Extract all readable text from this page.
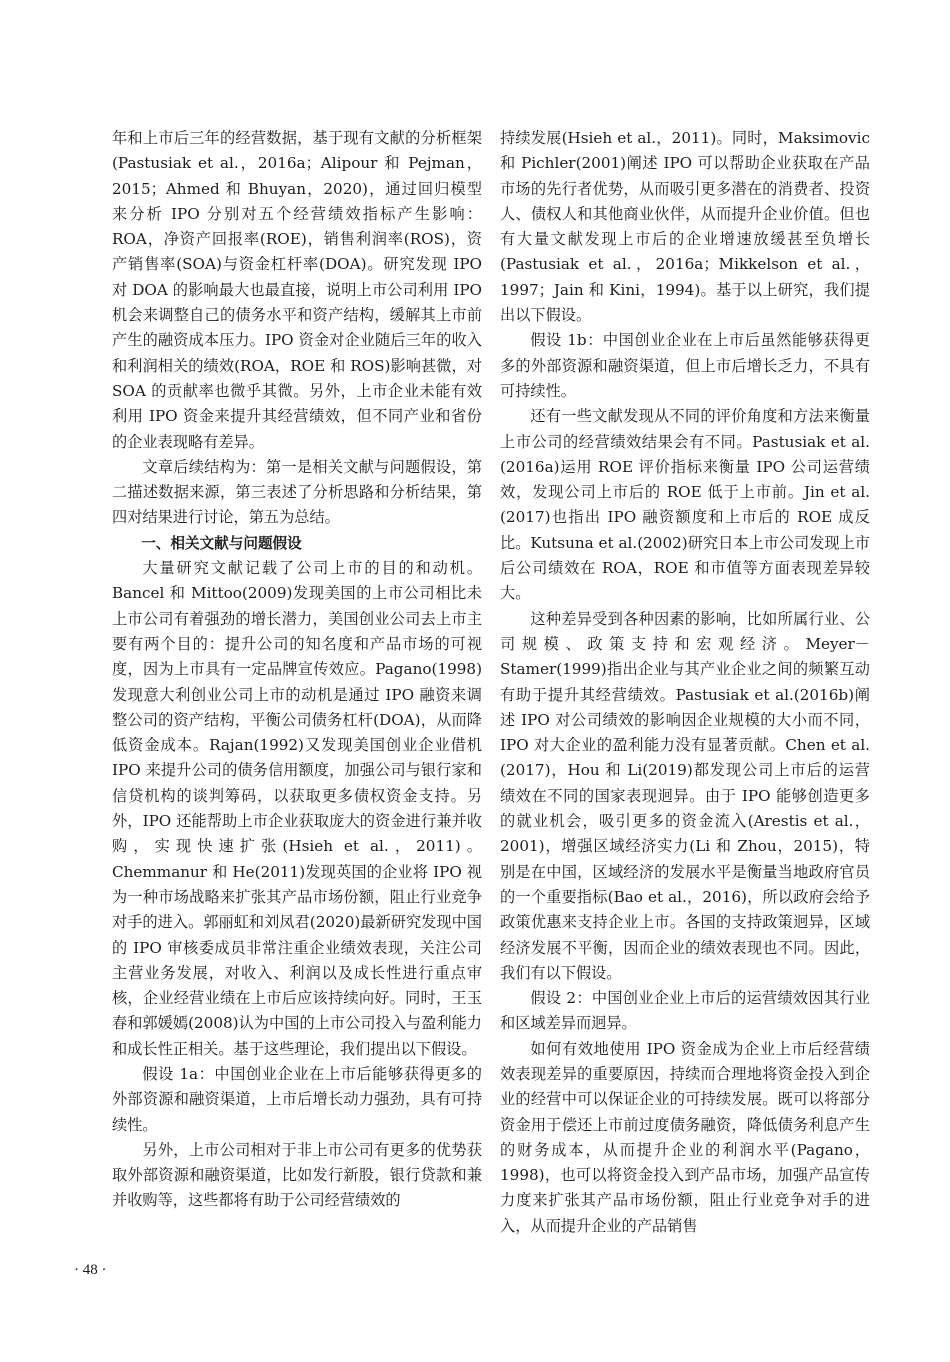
年和上市后三年的经营数据，基于现有文献的分析框架(Pastusiak et al.，2016a；Alipour 和 Pejman，2015；Ahmed 和 Bhuyan，2020)，通过回归模型来分析 IPO 分别对五个经营绩效指标产生影响：ROA，净资产回报率(ROE)，销售利润率(ROS)，资产销售率(SOA)与资金杠杆率(DOA)。研究发现 IPO 对 DOA 的影响最大也最直接，说明上市公司利用 IPO 机会来调整自己的债务水平和资产结构，缓解其上市前产生的融资成本压力。IPO 资金对企业随后三年的收入和利润相关的绩效(ROA，ROE 和 ROS)影响甚微，对 SOA 的贡献率也微乎其微。另外，上市企业未能有效利用 IPO 资金来提升其经营绩效，但不同产业和省份的企业表现略有差异。

文章后续结构为：第一是相关文献与问题假设，第二描述数据来源，第三表述了分析思路和分析结果，第四对结果进行讨论，第五为总结。

一、相关文献与问题假设

大量研究文献记载了公司上市的目的和动机。Bancel 和 Mittoo(2009)发现美国的上市公司相比未上市公司有着强劲的增长潜力，美国创业公司去上市主要有两个目的：提升公司的知名度和产品市场的可视度，因为上市具有一定品牌宣传效应。Pagano(1998)发现意大利创业公司上市的动机是通过 IPO 融资来调整公司的资产结构，平衡公司债务杠杆(DOA)，从而降低资金成本。Rajan(1992)又发现美国创业企业借机 IPO 来提升公司的债务信用额度，加强公司与银行家和信贷机构的谈判筹码，以获取更多债权资金支持。另外，IPO 还能帮助上市企业获取庞大的资金进行兼并收购，实现快速扩张(Hsieh et al.，2011)。Chemmanur 和 He(2011)发现英国的企业将 IPO 视为一种市场战略来扩张其产品市场份额，阻止行业竞争对手的进入。郭丽虹和刘凤君(2020)最新研究发现中国的 IPO 审核委成员非常注重企业绩效表现，关注公司主营业务发展，对收入、利润以及成长性进行重点审核，企业经营业绩在上市后应该持续向好。同时，王玉春和郭媛嫣(2008)认为中国的上市公司投入与盈利能力和成长性正相关。基于这些理论，我们提出以下假设。

假设 1a：中国创业企业在上市后能够获得更多的外部资源和融资渠道，上市后增长动力强劲，具有可持续性。

另外，上市公司相对于非上市公司有更多的优势获取外部资源和融资渠道，比如发行新股，银行贷款和兼并收购等，这些都将有助于公司经营绩效的

持续发展(Hsieh et al.，2011)。同时，Maksimovic 和 Pichler(2001)阐述 IPO 可以帮助企业获取在产品市场的先行者优势，从而吸引更多潜在的消费者、投资人、债权人和其他商业伙伴，从而提升企业价值。但也有大量文献发现上市后的企业增速放缓甚至负增长(Pastusiak et al.，2016a；Mikkelson et al.，1997；Jain 和 Kini，1994)。基于以上研究，我们提出以下假设。

假设 1b：中国创业企业在上市后虽然能够获得更多的外部资源和融资渠道，但上市后增长乏力，不具有可持续性。

还有一些文献发现从不同的评价角度和方法来衡量上市公司的经营绩效结果会有不同。Pastusiak et al.(2016a)运用 ROE 评价指标来衡量 IPO 公司运营绩效，发现公司上市后的 ROE 低于上市前。Jin et al.(2017)也指出 IPO 融资额度和上市后的 ROE 成反比。Kutsuna et al.(2002)研究日本上市公司发现上市后公司绩效在 ROA，ROE 和市值等方面表现差异较大。

这种差异受到各种因素的影响，比如所属行业、公司规模、政策支持和宏观经济。Meyer－Stamer(1999)指出企业与其产业企业之间的频繁互动有助于提升其经营绩效。Pastusiak et al.(2016b)阐述 IPO 对公司绩效的影响因企业规模的大小而不同，IPO 对大企业的盈利能力没有显著贡献。Chen et al.(2017)，Hou 和 Li(2019)都发现公司上市后的运营绩效在不同的国家表现迥异。由于 IPO 能够创造更多的就业机会，吸引更多的资金流入(Arestis et al.，2001)，增强区域经济实力(Li 和 Zhou，2015)，特别是在中国，区域经济的发展水平是衡量当地政府官员的一个重要指标(Bao et al.，2016)，所以政府会给予政策优惠来支持企业上市。各国的支持政策迥异，区域经济发展不平衡，因而企业的绩效表现也不同。因此，我们有以下假设。

假设 2：中国创业企业上市后的运营绩效因其行业和区域差异而迥异。

如何有效地使用 IPO 资金成为企业上市后经营绩效表现差异的重要原因，持续而合理地将资金投入到企业的经营中可以保证企业的可持续发展。既可以将部分资金用于偿还上市前过度债务融资，降低债务利息产生的财务成本，从而提升企业的利润水平(Pagano，1998)，也可以将资金投入到产品市场，加强产品宣传力度来扩张其产品市场份额，阻止行业竞争对手的进入，从而提升企业的产品销售

· 48 ·
